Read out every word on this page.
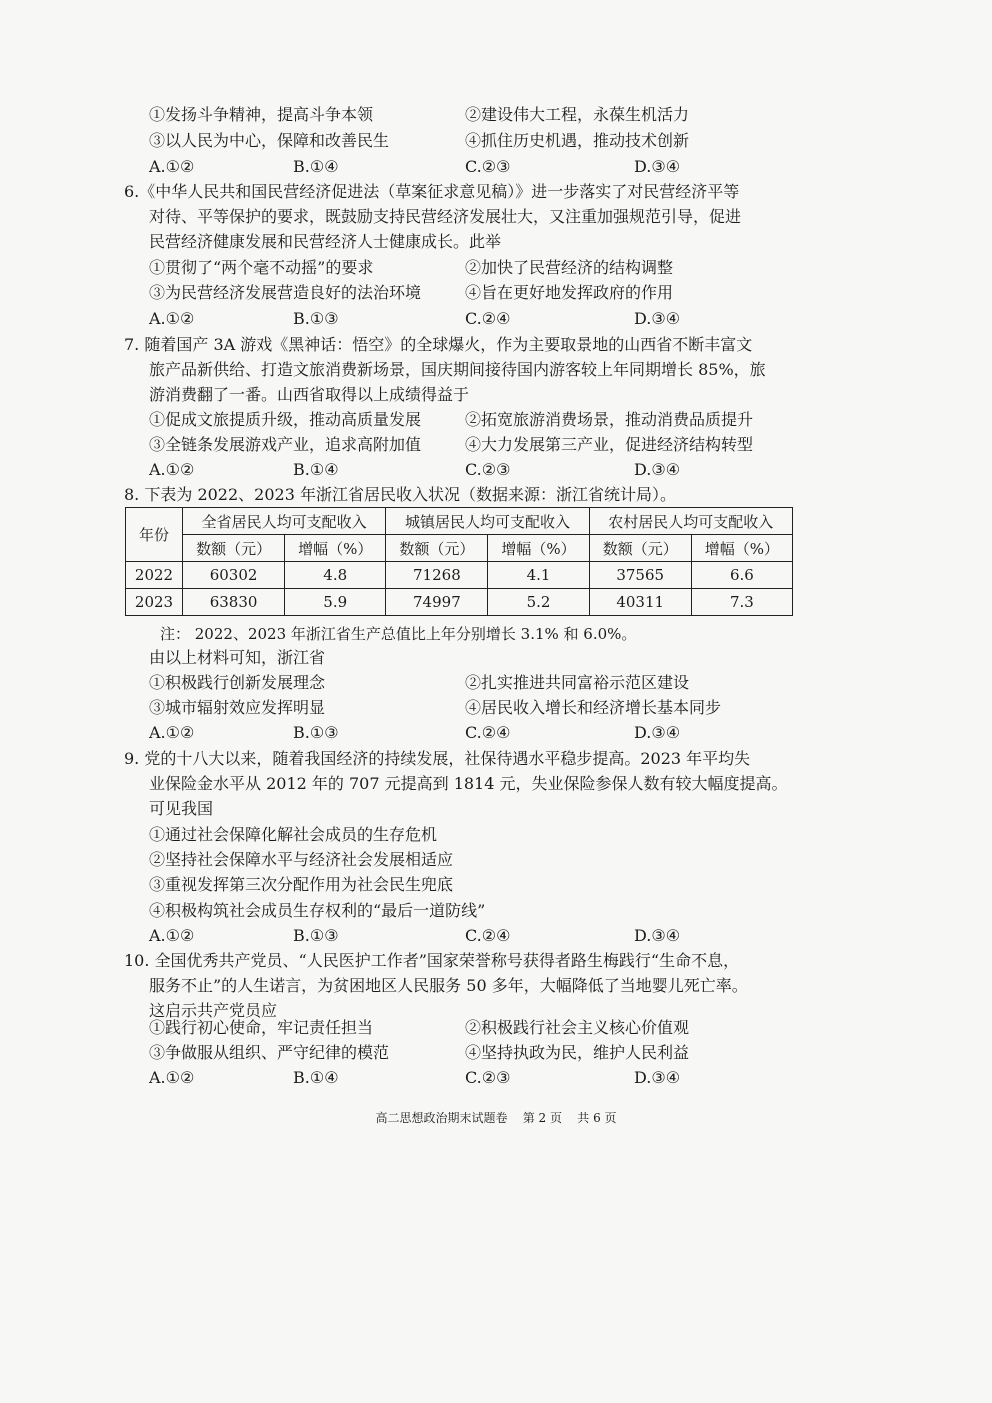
①发扬斗争精神，提高斗争本领	②建设伟大工程，永葆生机活力
③以人民为中心，保障和改善民生	④抓住历史机遇，推动技术创新
A.①②	B.①④	C.②③	D.③④
6.《中华人民共和国民营经济促进法（草案征求意见稿）》进一步落实了对民营经济平等
对待、平等保护的要求，既鼓励支持民营经济发展壮大，又注重加强规范引导，促进
民营经济健康发展和民营经济人士健康成长。此举
①贯彻了“两个毫不动摇”的要求	②加快了民营经济的结构调整
③为民营经济发展营造良好的法治环境	④旨在更好地发挥政府的作用
A.①②	B.①③	C.②④	D.③④
7. 随着国产 3A 游戏《黑神话：悟空》的全球爆火，作为主要取景地的山西省不断丰富文
旅产品新供给、打造文旅消费新场景，国庆期间接待国内游客较上年同期增长 85%，旅
游消费翻了一番。山西省取得以上成绩得益于
①促成文旅提质升级，推动高质量发展	②拓宽旅游消费场景，推动消费品质提升
③全链条发展游戏产业，追求高附加值	④大力发展第三产业，促进经济结构转型
A.①②	B.①④	C.②③	D.③④
8. 下表为 2022、2023 年浙江省居民收入状况（数据来源：浙江省统计局）。
年份	全省居民人均可支配收入		城镇居民人均可支配收入		农村居民人均可支配收入	
	数额（元）	增幅（%）	数额（元）	增幅（%）	数额（元）	增幅（%）
2022	60302	4.8	71268	4.1	37565	6.6
2023	63830	5.9	74997	5.2	40311	7.3
注： 2022、2023 年浙江省生产总值比上年分别增长 3.1% 和 6.0%。
由以上材料可知，浙江省
①积极践行创新发展理念	②扎实推进共同富裕示范区建设
③城市辐射效应发挥明显	④居民收入增长和经济增长基本同步
A.①②	B.①③	C.②④	D.③④
9. 党的十八大以来，随着我国经济的持续发展，社保待遇水平稳步提高。2023 年平均失
业保险金水平从 2012 年的 707 元提高到 1814 元，失业保险参保人数有较大幅度提高。
可见我国
①通过社会保障化解社会成员的生存危机
②坚持社会保障水平与经济社会发展相适应
③重视发挥第三次分配作用为社会民生兜底
④积极构筑社会成员生存权利的“最后一道防线”
A.①②	B.①③	C.②④	D.③④
10. 全国优秀共产党员、“人民医护工作者”国家荣誉称号获得者路生梅践行“生命不息，
服务不止”的人生诺言，为贫困地区人民服务 50 多年，大幅降低了当地婴儿死亡率。
这启示共产党员应
①践行初心使命，牢记责任担当	②积极践行社会主义核心价值观
③争做服从组织、严守纪律的模范	④坚持执政为民，维护人民利益
A.①②	B.①④	C.②③	D.③④
高二思想政治期末试题卷    第 2 页    共 6 页
